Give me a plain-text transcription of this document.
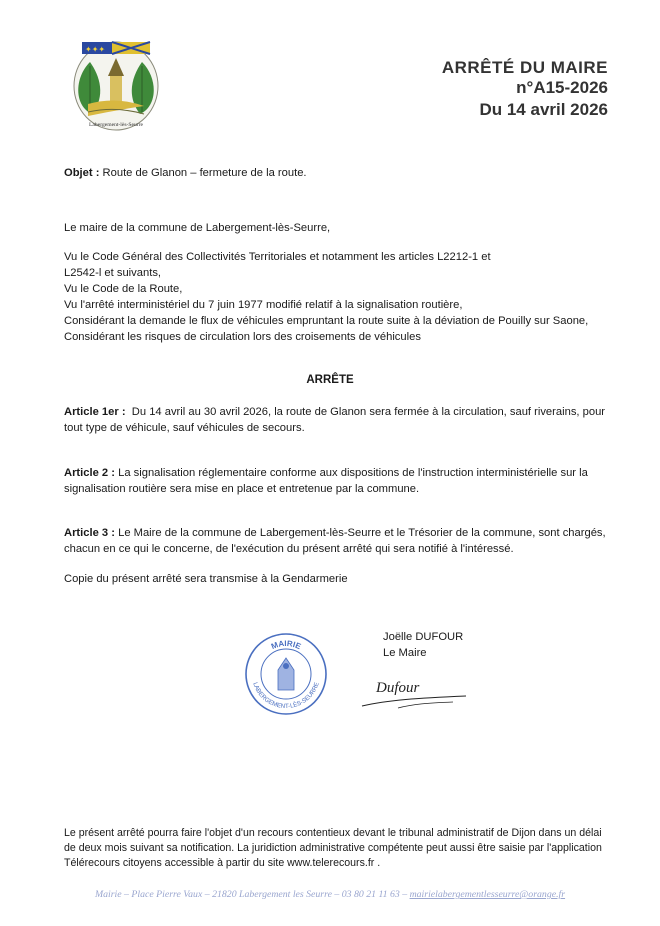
✦✦✦
Labergement-lès-Seurre
ARRÊTÉ DU MAIRE
n°A15-2026
Du 14 avril 2026
Objet : Route de Glanon – fermeture de la route.
Le maire de la commune de Labergement-lès-Seurre,
Vu le Code Général des Collectivités Territoriales et notamment les articles L2212-1 et
L2542-l et suivants,
Vu le Code de la Route,
Vu l'arrêté interministériel du 7 juin 1977 modifié relatif à la signalisation routière,
Considérant la demande le flux de véhicules empruntant la route suite à la déviation de Pouilly sur Saone,
Considérant les risques de circulation lors des croisements de véhicules
ARRÊTE
Article 1er : Du 14 avril au 30 avril 2026, la route de Glanon sera fermée à la circulation, sauf riverains, pour
tout type de véhicule, sauf véhicules de secours.
Article 2 : La signalisation réglementaire conforme aux dispositions de l'instruction interministérielle sur la
signalisation routière sera mise en place et entretenue par la commune.
Article 3 : Le Maire de la commune de Labergement-lès-Seurre et le Trésorier de la commune, sont chargés,
chacun en ce qui le concerne, de l'exécution du présent arrêté qui sera notifié à l'intéressé.
Copie du présent arrêté sera transmise à la Gendarmerie
Joëlle DUFOUR
Le Maire
MAIRIE
LABERGEMENT-LÈS-SEURRE	Dufour
Le présent arrêté pourra faire l'objet d'un recours contentieux devant le tribunal administratif de Dijon dans un délai
de deux mois suivant sa notification. La juridiction administrative compétente peut aussi être saisie par l'application
Télérecours citoyens accessible à partir du site www.telerecours.fr .
Mairie – Place Pierre Vaux – 21820 Labergement les Seurre – 03 80 21 11 63 – mairielabergementlesseurre@orange.fr
